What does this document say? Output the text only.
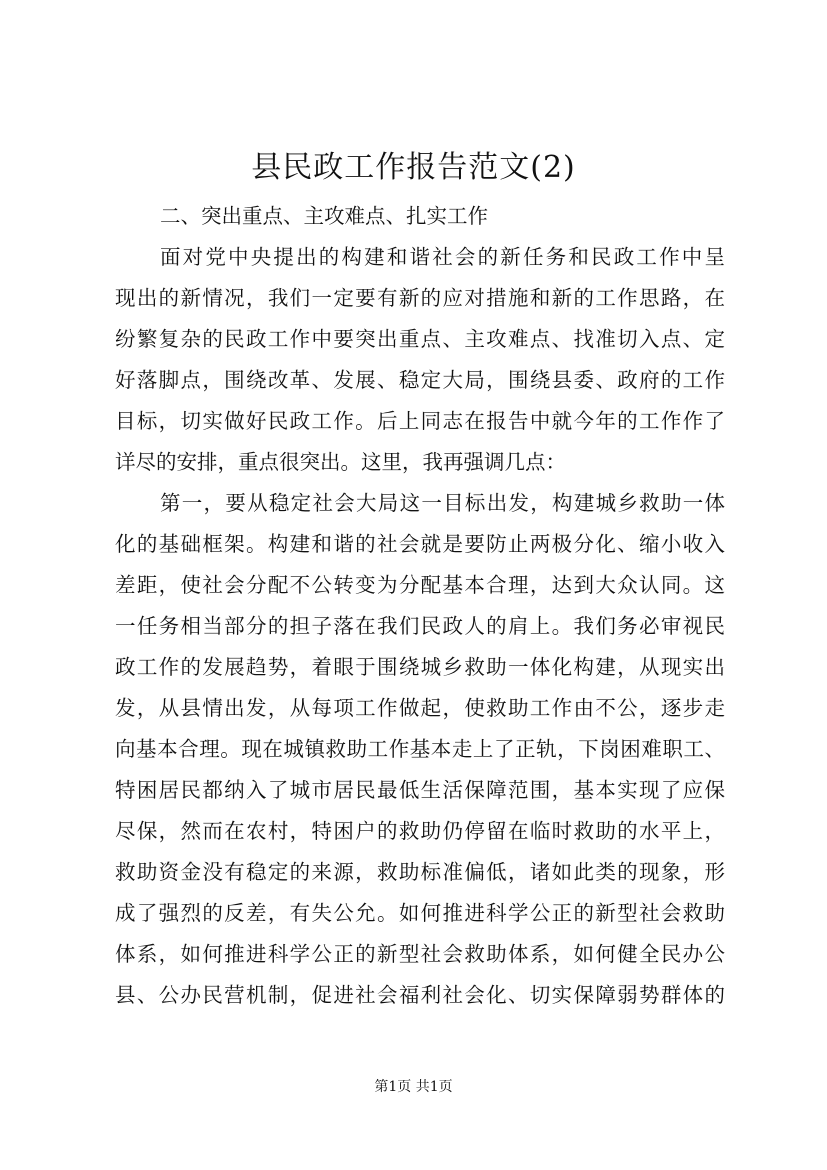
县民政工作报告范文(2)
二、突出重点、主攻难点、扎实工作
面对党中央提出的构建和谐社会的新任务和民政工作中呈
现出的新情况，我们一定要有新的应对措施和新的工作思路，在
纷繁复杂的民政工作中要突出重点、主攻难点、找准切入点、定
好落脚点，围绕改革、发展、稳定大局，围绕县委、政府的工作
目标，切实做好民政工作。后上同志在报告中就今年的工作作了
详尽的安排，重点很突出。这里，我再强调几点：
第一，要从稳定社会大局这一目标出发，构建城乡救助一体
化的基础框架。构建和谐的社会就是要防止两极分化、缩小收入
差距，使社会分配不公转变为分配基本合理，达到大众认同。这
一任务相当部分的担子落在我们民政人的肩上。我们务必审视民
政工作的发展趋势，着眼于围绕城乡救助一体化构建，从现实出
发，从县情出发，从每项工作做起，使救助工作由不公，逐步走
向基本合理。现在城镇救助工作基本走上了正轨，下岗困难职工、
特困居民都纳入了城市居民最低生活保障范围，基本实现了应保
尽保，然而在农村，特困户的救助仍停留在临时救助的水平上，
救助资金没有稳定的来源，救助标准偏低，诸如此类的现象，形
成了强烈的反差，有失公允。如何推进科学公正的新型社会救助
体系，如何推进科学公正的新型社会救助体系，如何健全民办公
县、公办民营机制，促进社会福利社会化、切实保障弱势群体的
第1页 共1页
